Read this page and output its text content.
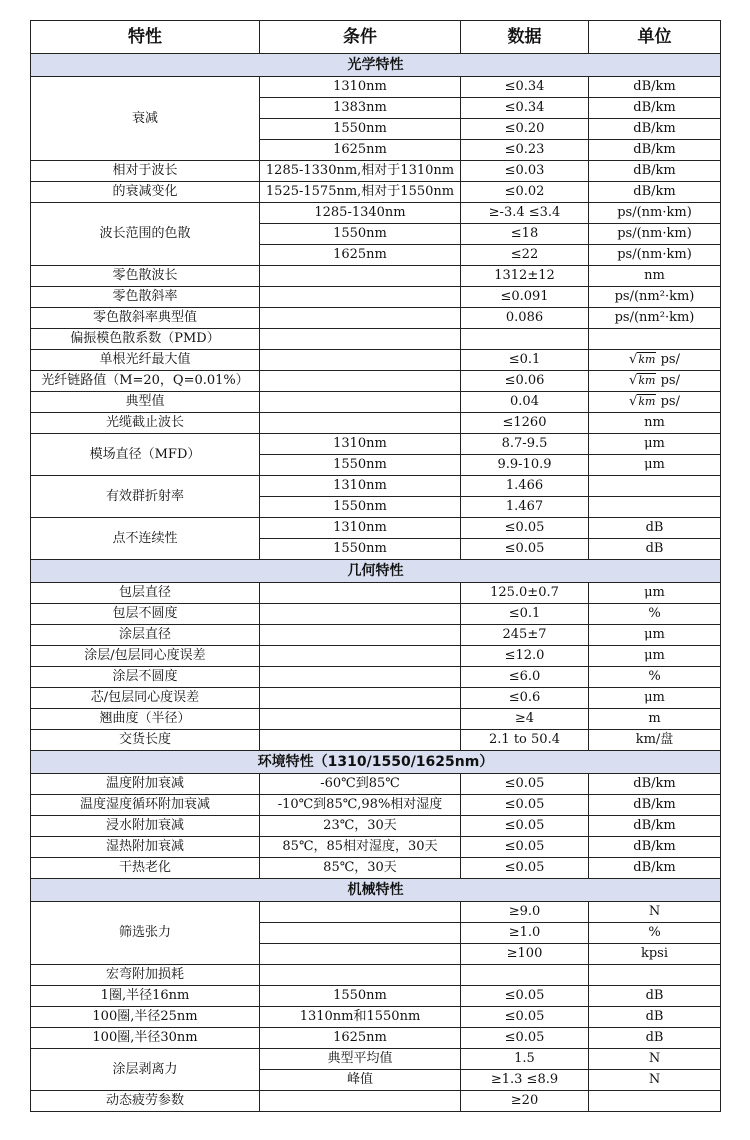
特性	条件	数据	单位
光学特性			
衰减	1310nm	≤0.34	dB/km
	1383nm	≤0.34	dB/km
	1550nm	≤0.20	dB/km
	1625nm	≤0.23	dB/km
相对于波长	1285-1330nm,相对于1310nm	≤0.03	dB/km
的衰减变化	1525-1575nm,相对于1550nm	≤0.02	dB/km
波长范围的色散	1285-1340nm	≥-3.4 ≤3.4	ps/(nm·km)
	1550nm	≤18	ps/(nm·km)
	1625nm	≤22	ps/(nm·km)
零色散波长		1312±12	nm
零色散斜率		≤0.091	ps/(nm²·km)
零色散斜率典型值		0.086	ps/(nm²·km)
偏振模色散系数（PMD）			
单根光纤最大值		≤0.1	√km ps/
光纤链路值（M=20，Q=0.01%）		≤0.06	√km ps/
典型值		0.04	√km ps/
光缆截止波长		≤1260	nm
模场直径（MFD）	1310nm	8.7-9.5	μm
	1550nm	9.9-10.9	μm
有效群折射率	1310nm	1.466	
	1550nm	1.467	
点不连续性	1310nm	≤0.05	dB
	1550nm	≤0.05	dB
几何特性			
包层直径		125.0±0.7	μm
包层不圆度		≤0.1	%
涂层直径		245±7	μm
涂层/包层同心度误差		≤12.0	μm
涂层不圆度		≤6.0	%
芯/包层同心度误差		≤0.6	μm
翘曲度（半径）		≥4	m
交货长度		2.1 to 50.4	km/盘
环境特性（1310/1550/1625nm）			
温度附加衰减	-60℃到85℃	≤0.05	dB/km
温度湿度循环附加衰减	-10℃到85℃,98%相对湿度	≤0.05	dB/km
浸水附加衰减	23℃，30天	≤0.05	dB/km
湿热附加衰减	85℃，85相对湿度，30天	≤0.05	dB/km
干热老化	85℃，30天	≤0.05	dB/km
机械特性			
筛选张力		≥9.0	N
		≥1.0	%
		≥100	kpsi
宏弯附加损耗			
1圈,半径16nm	1550nm	≤0.05	dB
100圈,半径25nm	1310nm和1550nm	≤0.05	dB
100圈,半径30nm	1625nm	≤0.05	dB
涂层剥离力	典型平均值	1.5	N
	峰值	≥1.3 ≤8.9	N
动态疲劳参数		≥20	
